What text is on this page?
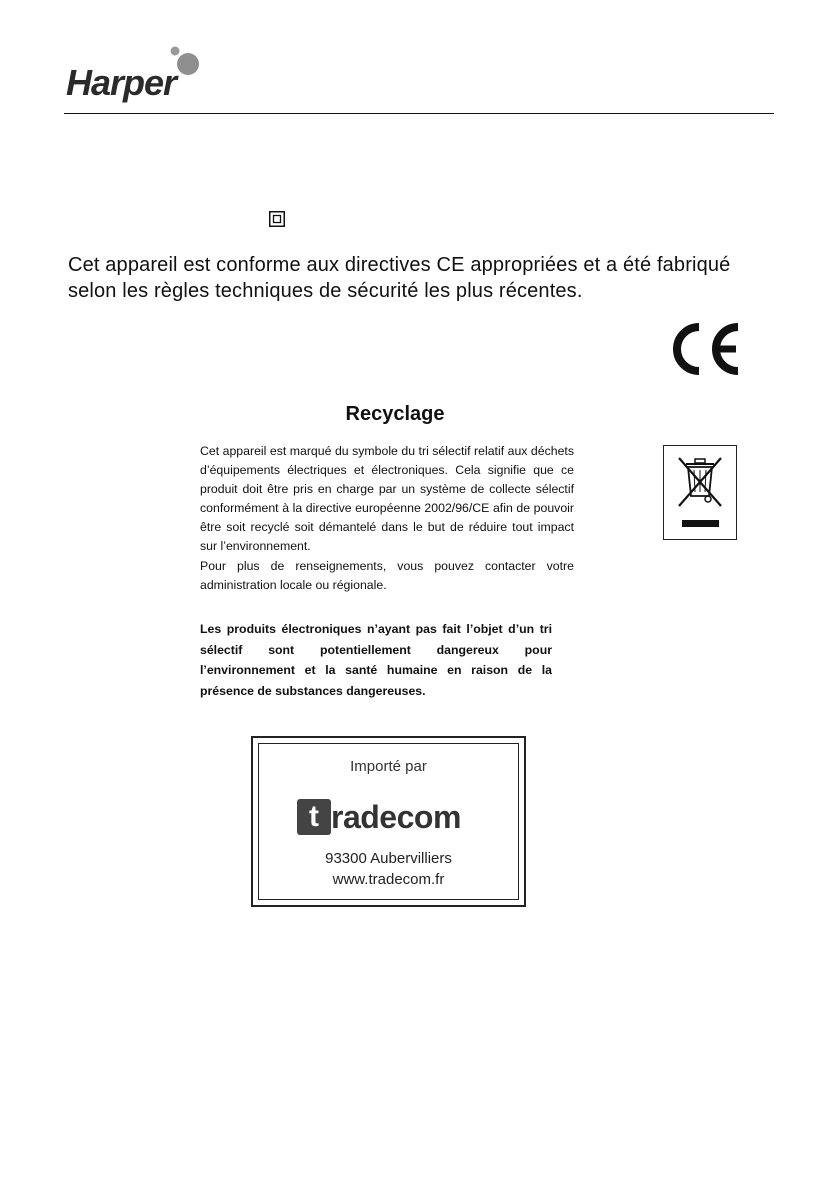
Harper
Cet appareil est conforme aux directives CE appropriées et a été fabriqué selon les règles techniques de sécurité les plus récentes.
Recyclage

Cet appareil est marqué du symbole du tri sélectif relatif aux déchets d’équipements électriques et électroniques. Cela signifie que ce produit doit être pris en charge par un système de collecte sélectif conformément à la directive européenne 2002/96/CE afin de pouvoir être soit recyclé soit démantelé dans le but de réduire tout impact sur l’environnement.

Pour plus de renseignements, vous pouvez contacter votre administration locale ou régionale.

Les produits électroniques n’ayant pas fait l’objet d’un tri sélectif sont potentiellement dangereux pour l’environnement et la santé humaine en raison de la présence de substances dangereuses.
Importé par
t radecom
93300 Aubervilliers
www.tradecom.fr
